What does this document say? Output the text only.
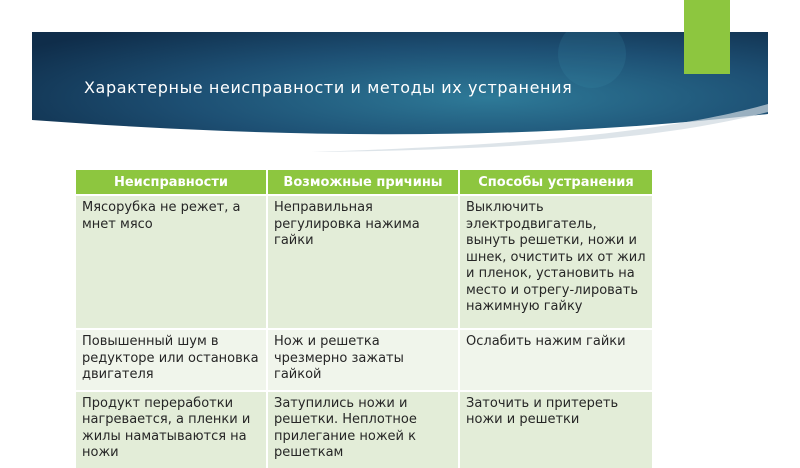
Характерные неисправности и методы их устранения
Неисправности	Возможные причины	Способы устранения
Мясорубка не режет, а мнет мясо	Неправильная регулировка нажима гайки	Выключить электродвигатель, вынуть решетки, ножи и шнек, очистить их от жил и пленок, установить на место и отрегу-лировать нажимную гайку
Повышенный шум в редукторе или остановка двигателя	Нож и решетка чрезмерно зажаты гайкой	Ослабить нажим гайки
Продукт переработки нагревается, а пленки и жилы наматываются на ножи	Затупились ножи и решетки. Неплотное прилегание ножей к решеткам	Заточить и притереть ножи и решетки
